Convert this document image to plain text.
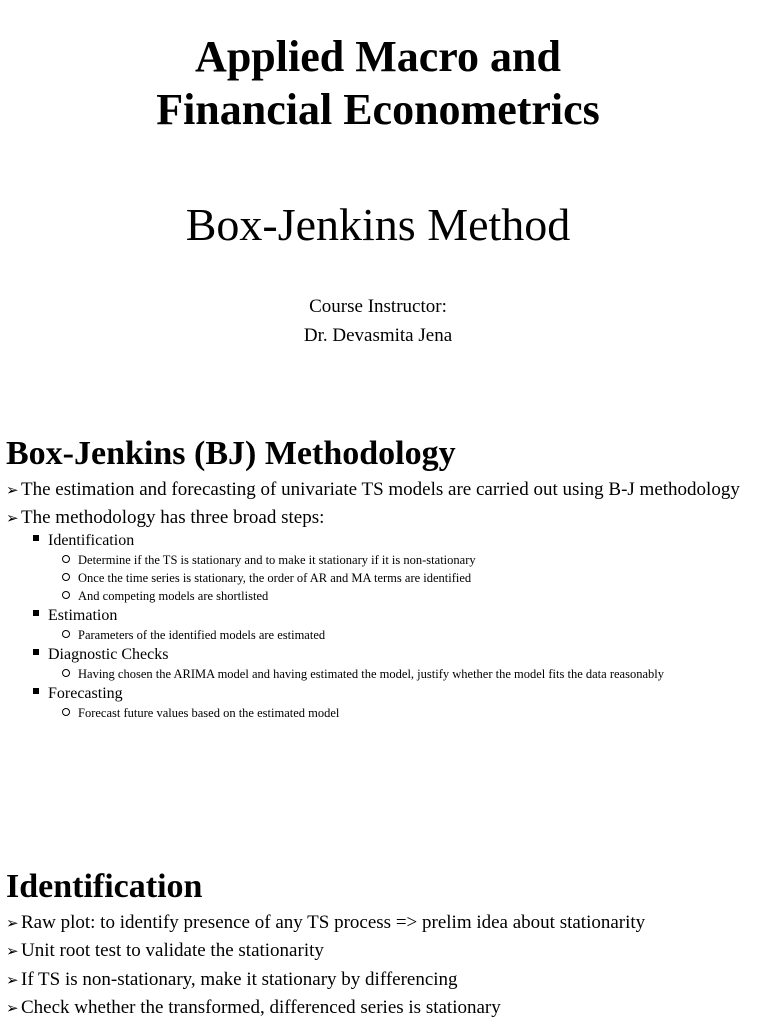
Applied Macro and
Financial Econometrics
Box-Jenkins Method
Course Instructor:
Dr. Devasmita Jena
Box-Jenkins (BJ) Methodology
➢ The estimation and forecasting of univariate TS models are carried out using B-J methodology
➢ The methodology has three broad steps:
Identification
Determine if the TS is stationary and to make it stationary if it is non-stationary
Once the time series is stationary, the order of AR and MA terms are identified
And competing models are shortlisted
Estimation
Parameters of the identified models are estimated
Diagnostic Checks
Having chosen the ARIMA model and having estimated the model, justify whether the model fits the data reasonably
Forecasting
Forecast future values based on the estimated model
Identification
➢ Raw plot: to identify presence of any TS process => prelim idea about stationarity
➢ Unit root test to validate the stationarity
➢ If TS is non-stationary, make it stationary by differencing
➢ Check whether the transformed, differenced series is stationary
